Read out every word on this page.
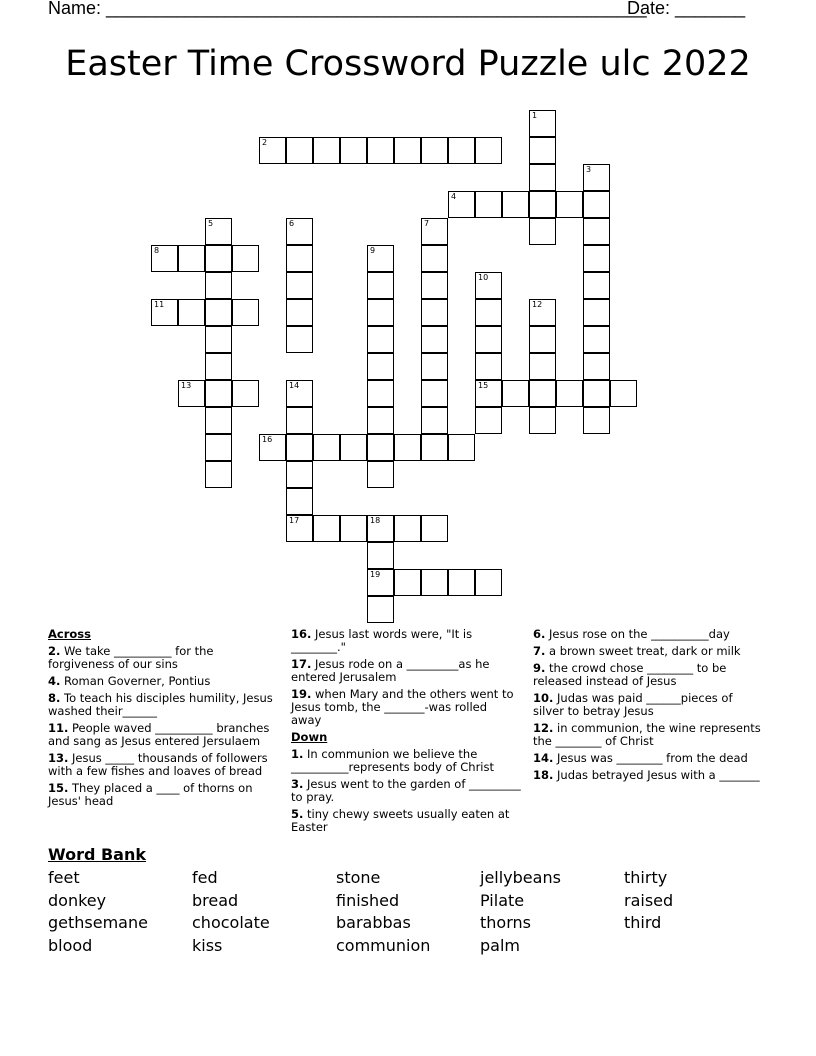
Name: ______________________________________________________
Date: _______
Easter Time Crossword Puzzle ulc 2022
1
2
3
4
5	6	7
8	9
10
15
11	12
13	14
17
16
18
19
Across
2. We take __________ for the forgiveness of our sins
4. Roman Governer, Pontius
8. To teach his disciples humility, Jesus washed their______
11. People waved __________ branches and sang as Jesus entered Jersulaem
13. Jesus _____ thousands of followers with a few fishes and loaves of bread
15. They placed a ____ of thorns on Jesus' head
16. Jesus last words were, "It is ________."
17. Jesus rode on a _________as he entered Jerusalem
19. when Mary and the others went to Jesus tomb, the _______-was rolled away
Down
1. In communion we believe the __________represents body of Christ
3. Jesus went to the garden of _________ to pray.
5. tiny chewy sweets usually eaten at Easter
6. Jesus rose on the __________day
7. a brown sweet treat, dark or milk
9. the crowd chose ________ to be released instead of Jesus
10. Judas was paid ______pieces of silver to betray Jesus
12. in communion, the wine represents the ________ of Christ
14. Jesus was ________ from the dead
18. Judas betrayed Jesus with a _______
Word Bank
feet	fed	stone	jellybeans	thirty
donkey	bread	finished	Pilate	raised
gethsemane	chocolate	barabbas	thorns	third
blood	kiss	communion	palm
